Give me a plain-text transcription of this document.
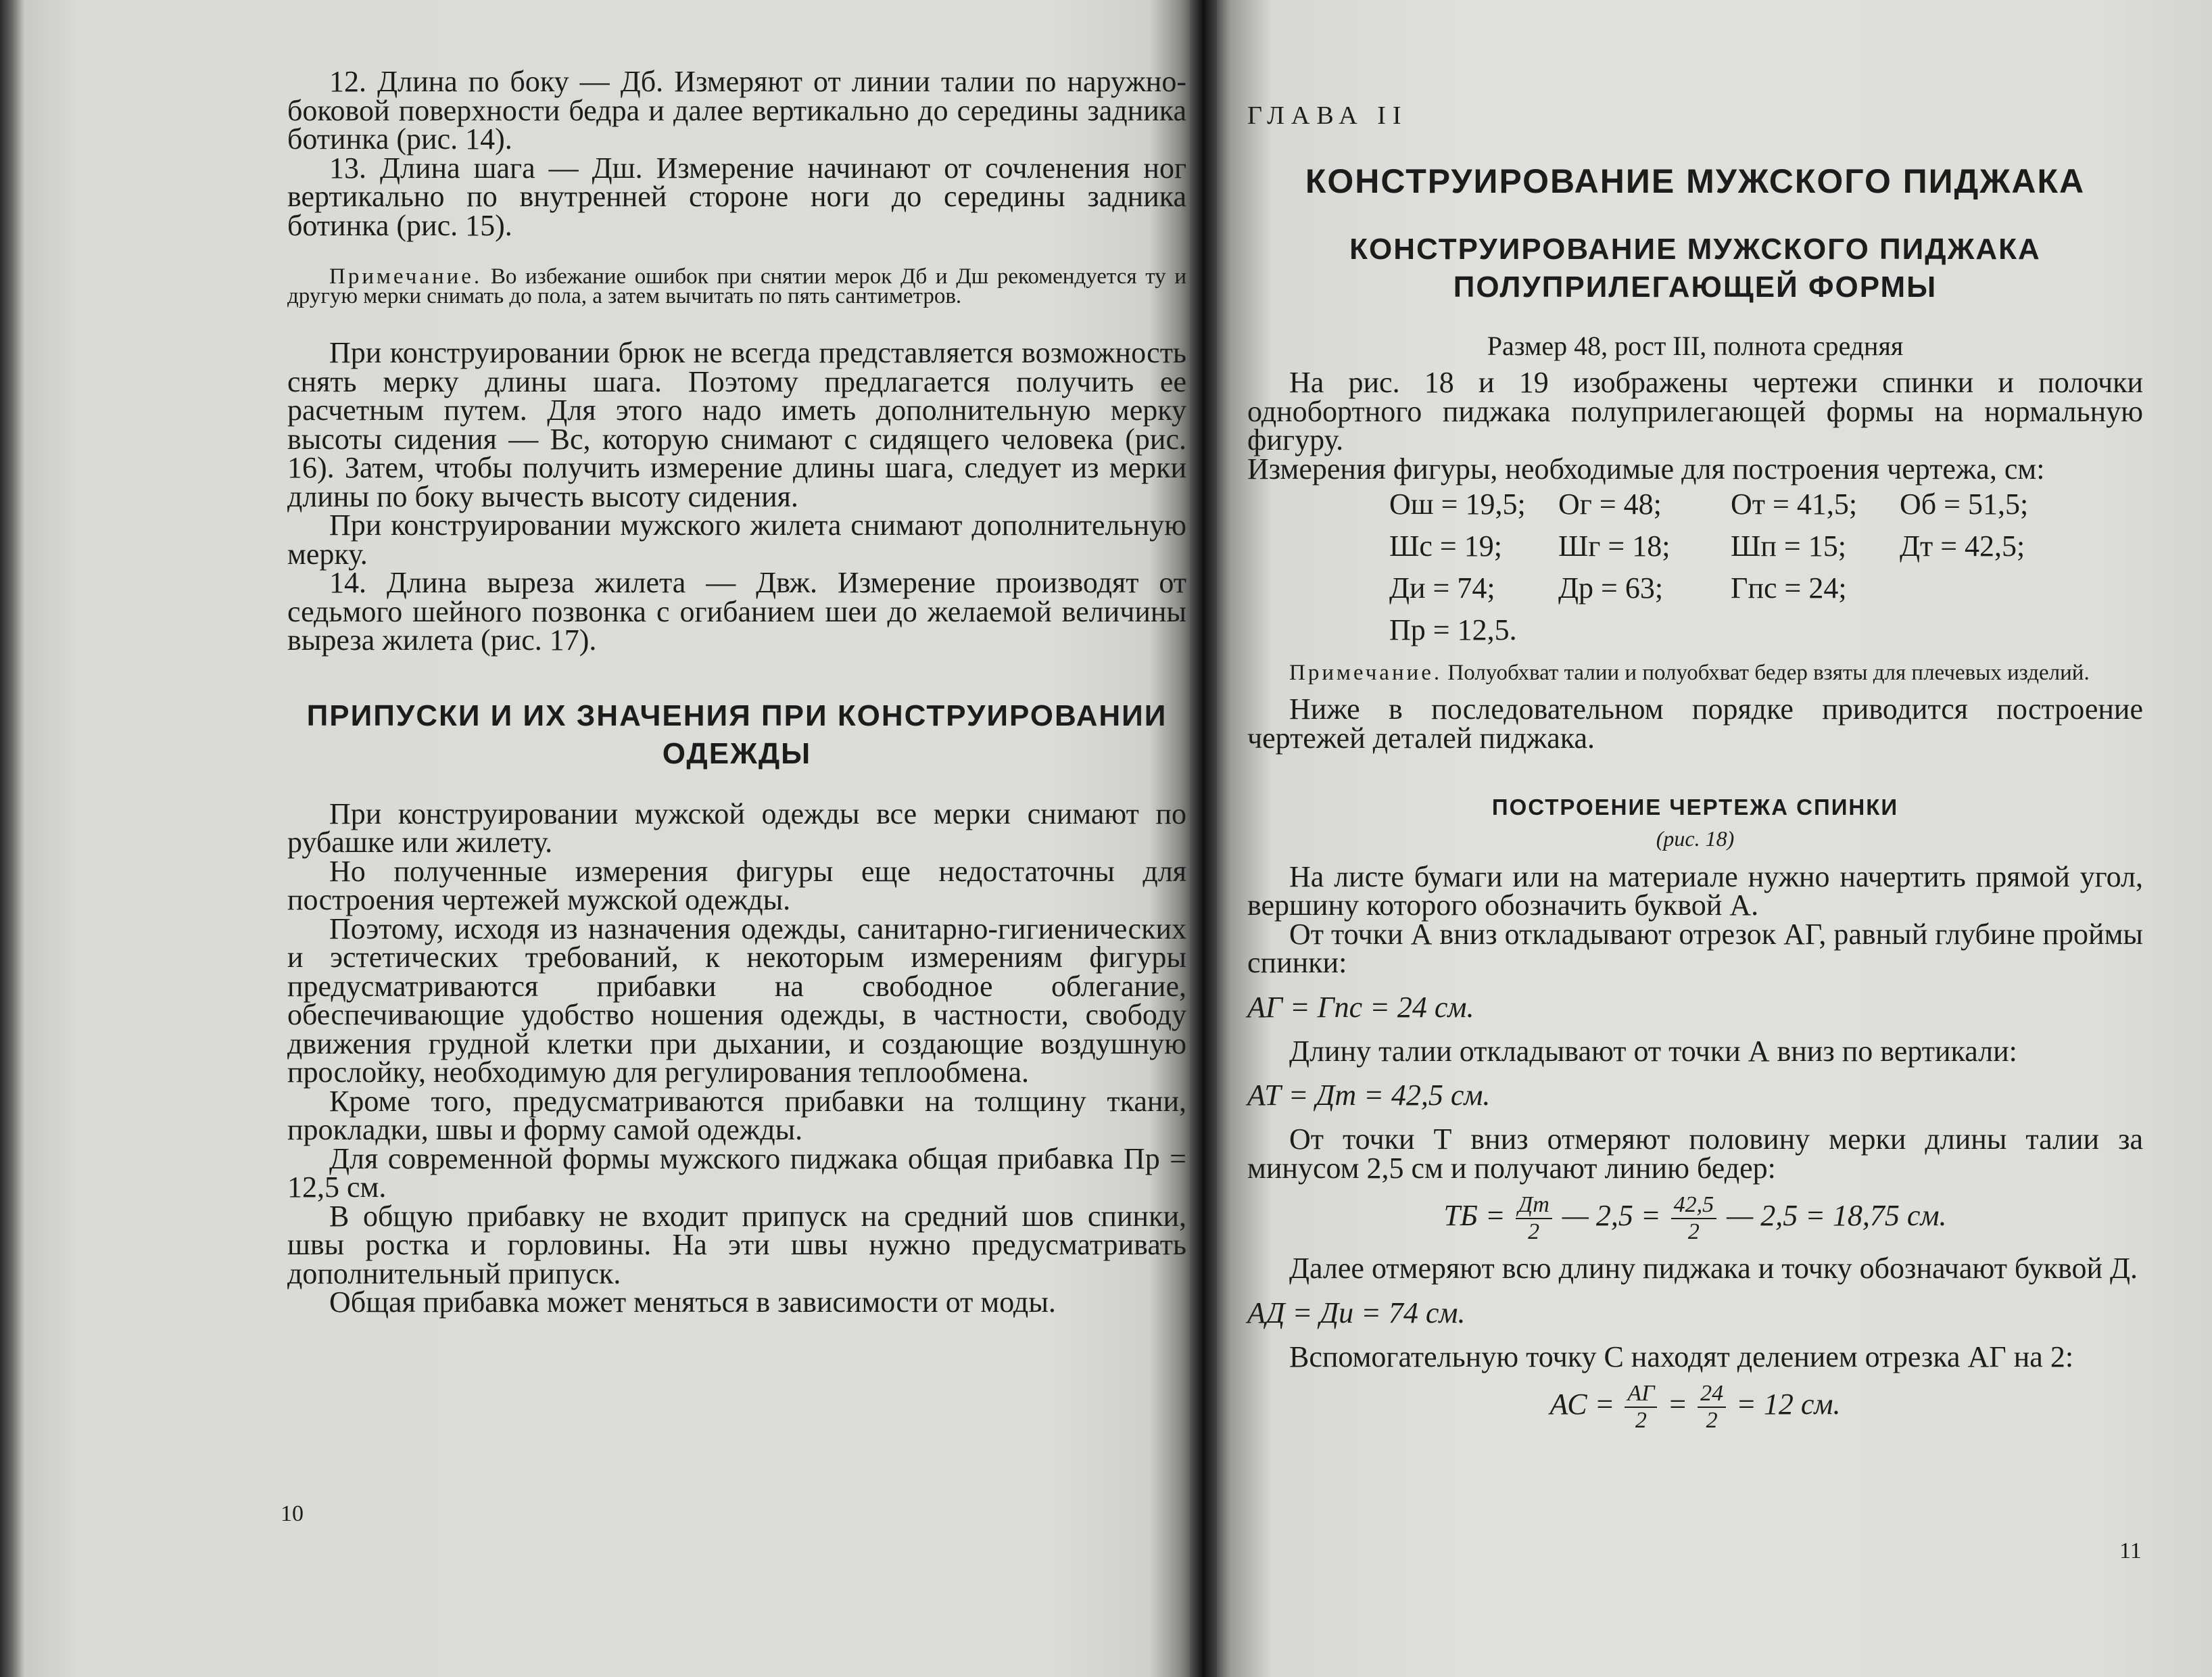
12. Длина по боку — Дб. Измеряют от линии талии по наружно-боковой поверхности бедра и далее вертикально до середины задника ботинка (рис. 14).

13. Длина шага — Дш. Измерение начинают от сочленения ног вертикально по внутренней стороне ноги до середины задника ботинка (рис. 15).

Примечание. Во избежание ошибок при снятии мерок Дб и Дш рекомендуется ту и другую мерки снимать до пола, а затем вычитать по пять сантиметров.

При конструировании брюк не всегда представляется возможность снять мерку длины шага. Поэтому предлагается получить ее расчетным путем. Для этого надо иметь дополнительную мерку высоты сидения — Вс, которую снимают с сидящего человека (рис. 16). Затем, чтобы получить измерение длины шага, следует из мерки длины по боку вычесть высоту сидения.

При конструировании мужского жилета снимают дополнительную мерку.

14. Длина выреза жилета — Двж. Измерение производят от седьмого шейного позвонка с огибанием шеи до желаемой величины выреза жилета (рис. 17).

ПРИПУСКИ И ИХ ЗНАЧЕНИЯ ПРИ КОНСТРУИРОВАНИИ
ОДЕЖДЫ

При конструировании мужской одежды все мерки снимают по рубашке или жилету.

Но полученные измерения фигуры еще недостаточны для построения чертежей мужской одежды.

Поэтому, исходя из назначения одежды, санитарно-гигиенических и эстетических требований, к некоторым измерениям фигуры предусматриваются прибавки на свободное облегание, обеспечивающие удобство ношения одежды, в частности, свободу движения грудной клетки при дыхании, и создающие воздушную прослойку, необходимую для регулирования теплообмена.

Кроме того, предусматриваются прибавки на толщину ткани, прокладки, швы и форму самой одежды.

Для современной формы мужского пиджака общая прибавка Пр = 12,5 см.

В общую прибавку не входит припуск на средний шов спинки, швы ростка и горловины. На эти швы нужно предусматривать дополнительный припуск.

Общая прибавка может меняться в зависимости от моды.

10

ГЛАВА II

КОНСТРУИРОВАНИЕ МУЖСКОГО ПИДЖАКА
КОНСТРУИРОВАНИЕ МУЖСКОГО ПИДЖАКА
ПОЛУПРИЛЕГАЮЩЕЙ ФОРМЫ

Размер 48, рост III, полнота средняя

На рис. 18 и 19 изображены чертежи спинки и полочки однобортного пиджака полуприлегающей формы на нормальную фигуру.

Измерения фигуры, необходимые для построения чертежа, см:

Ош = 19,5;	Ог = 48;	От = 41,5;	Об = 51,5;
Шс = 19;	Шг = 18;	Шп = 15;	Дт = 42,5;
Ди = 74;	Др = 63;	Гпс = 24;
Пр = 12,5.

Примечание. Полуобхват талии и полуобхват бедер взяты для плечевых изделий.

Ниже в последовательном порядке приводится построение чертежей деталей пиджака.

ПОСТРОЕНИЕ ЧЕРТЕЖА СПИНКИ

(рис. 18)

На листе бумаги или на материале нужно начертить прямой угол, вершину которого обозначить буквой А.

От точки А вниз откладывают отрезок АГ, равный глубине проймы спинки:

АГ = Гпс = 24 см.

Длину талии откладывают от точки А вниз по вертикали:

АТ = Дт = 42,5 см.

От точки Т вниз отмеряют половину мерки длины талии за минусом 2,5 см и получают линию бедер:

ТБ = $\frac{Дт}{2}$ — $2,5 = \frac{42,5}{2}$ — 2,5 = 18,75 см.

Далее отмеряют всю длину пиджака и точку обозначают буквой Д.

АД = Ди = 74 см.

Вспомогательную точку С находят делением отрезка АГ на 2:

АС = $\frac{АГ}{2} = \frac{24}{2} = 12$ см.
11
